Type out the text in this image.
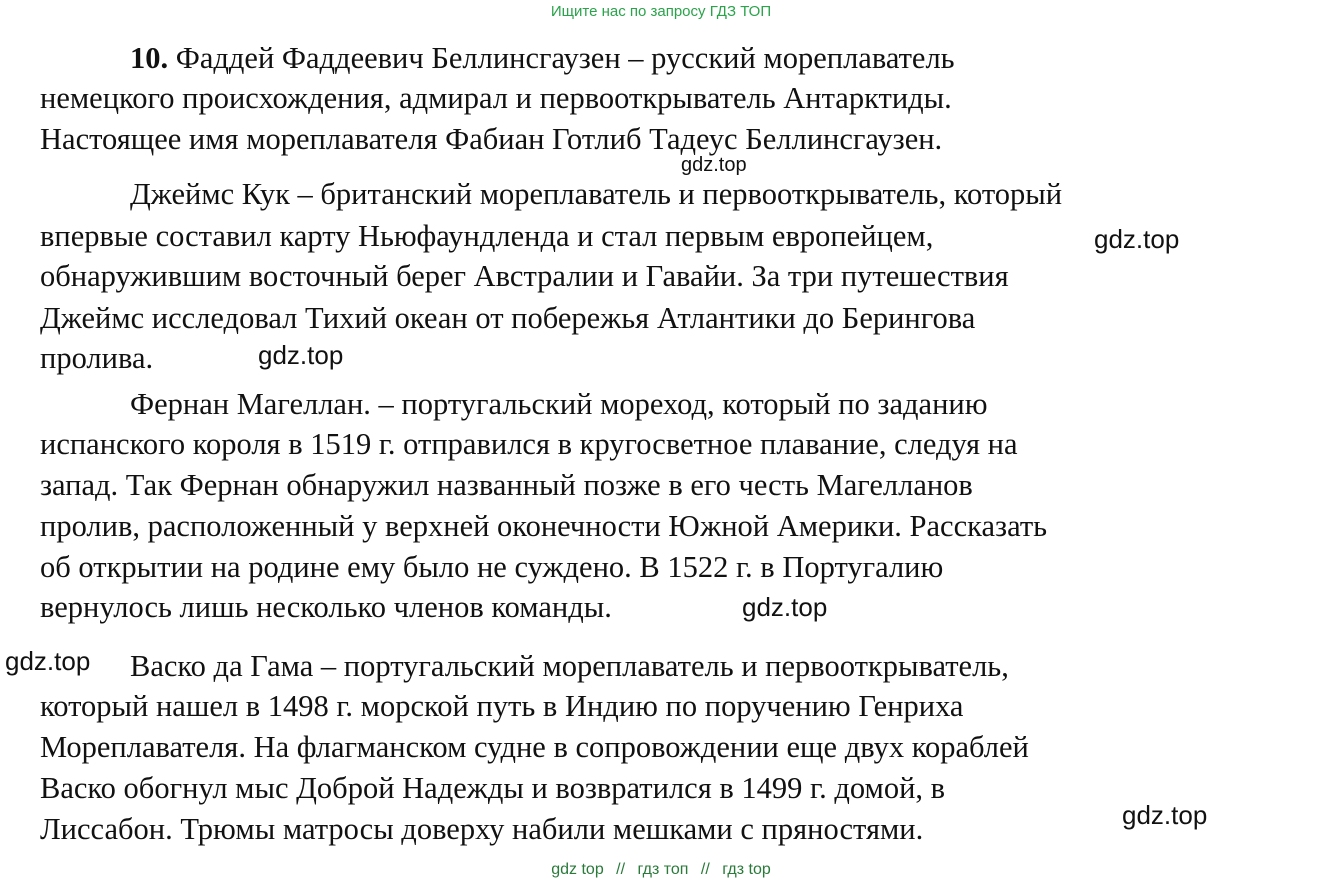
Ищите нас по запросу ГДЗ ТОП
10. Фаддей Фаддеевич Беллинсгаузен – русский мореплаватель
немецкого происхождения, адмирал и первооткрыватель Антарктиды.
Настоящее имя мореплавателя Фабиан Готлиб Тадеус Беллинсгаузен.
Джеймс Кук – британский мореплаватель и первооткрыватель, который
впервые составил карту Ньюфаундленда и стал первым европейцем,
обнаружившим восточный берег Австралии и Гавайи. За три путешествия
Джеймс исследовал Тихий океан от побережья Атлантики до Берингова
пролива.
Фернан Магеллан. – португальский мореход, который по заданию
испанского короля в 1519 г. отправился в кругосветное плавание, следуя на
запад. Так Фернан обнаружил названный позже в его честь Магелланов
пролив, расположенный у верхней оконечности Южной Америки. Рассказать
об открытии на родине ему было не суждено. В 1522 г. в Португалию
вернулось лишь несколько членов команды.
Васко да Гама – португальский мореплаватель и первооткрыватель,
который нашел в 1498 г. морской путь в Индию по поручению Генриха
Мореплавателя. На флагманском судне в сопровождении еще двух кораблей
Васко обогнул мыс Доброй Надежды и возвратился в 1499 г. домой, в
Лиссабон. Трюмы матросы доверху набили мешками с пряностями.
gdz.top
gdz.top
gdz.top
gdz.top
gdz.top
gdz.top
gdz top // гдз топ // гдз top
